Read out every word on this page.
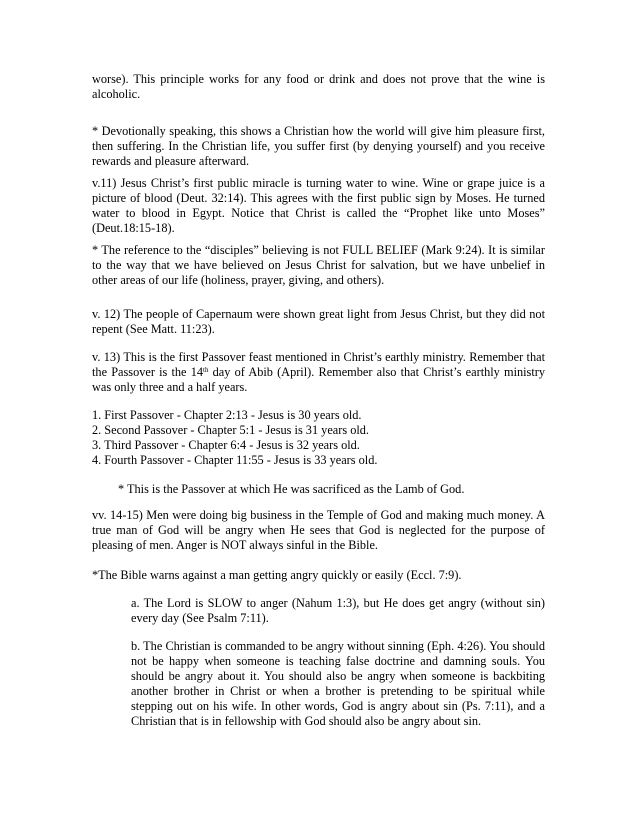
worse). This principle works for any food or drink and does not prove that the wine is alcoholic.

* Devotionally speaking, this shows a Christian how the world will give him pleasure first, then suffering. In the Christian life, you suffer first (by denying yourself) and you receive rewards and pleasure afterward.

v.11) Jesus Christ’s first public miracle is turning water to wine. Wine or grape juice is a picture of blood (Deut. 32:14). This agrees with the first public sign by Moses. He turned water to blood in Egypt. Notice that Christ is called the “Prophet like unto Moses” (Deut.18:15-18).

* The reference to the “disciples” believing is not FULL BELIEF (Mark 9:24). It is similar to the way that we have believed on Jesus Christ for salvation, but we have unbelief in other areas of our life (holiness, prayer, giving, and others).

v. 12) The people of Capernaum were shown great light from Jesus Christ, but they did not repent (See Matt. 11:23).

v. 13) This is the first Passover feast mentioned in Christ’s earthly ministry. Remember that the Passover is the 14th day of Abib (April). Remember also that Christ’s earthly ministry was only three and a half years.

1. First Passover - Chapter 2:13 - Jesus is 30 years old.
2. Second Passover - Chapter 5:1 - Jesus is 31 years old.
3. Third Passover - Chapter 6:4 - Jesus is 32 years old.
4. Fourth Passover - Chapter 11:55 - Jesus is 33 years old.

* This is the Passover at which He was sacrificed as the Lamb of God.

vv. 14-15) Men were doing big business in the Temple of God and making much money. A true man of God will be angry when He sees that God is neglected for the purpose of pleasing of men. Anger is NOT always sinful in the Bible.

*The Bible warns against a man getting angry quickly or easily (Eccl. 7:9).

a. The Lord is SLOW to anger (Nahum 1:3), but He does get angry (without sin) every day (See Psalm 7:11).

b. The Christian is commanded to be angry without sinning (Eph. 4:26). You should not be happy when someone is teaching false doctrine and damning souls. You should be angry about it. You should also be angry when someone is backbiting another brother in Christ or when a brother is pretending to be spiritual while stepping out on his wife. In other words, God is angry about sin (Ps. 7:11), and a Christian that is in fellowship with God should also be angry about sin.
